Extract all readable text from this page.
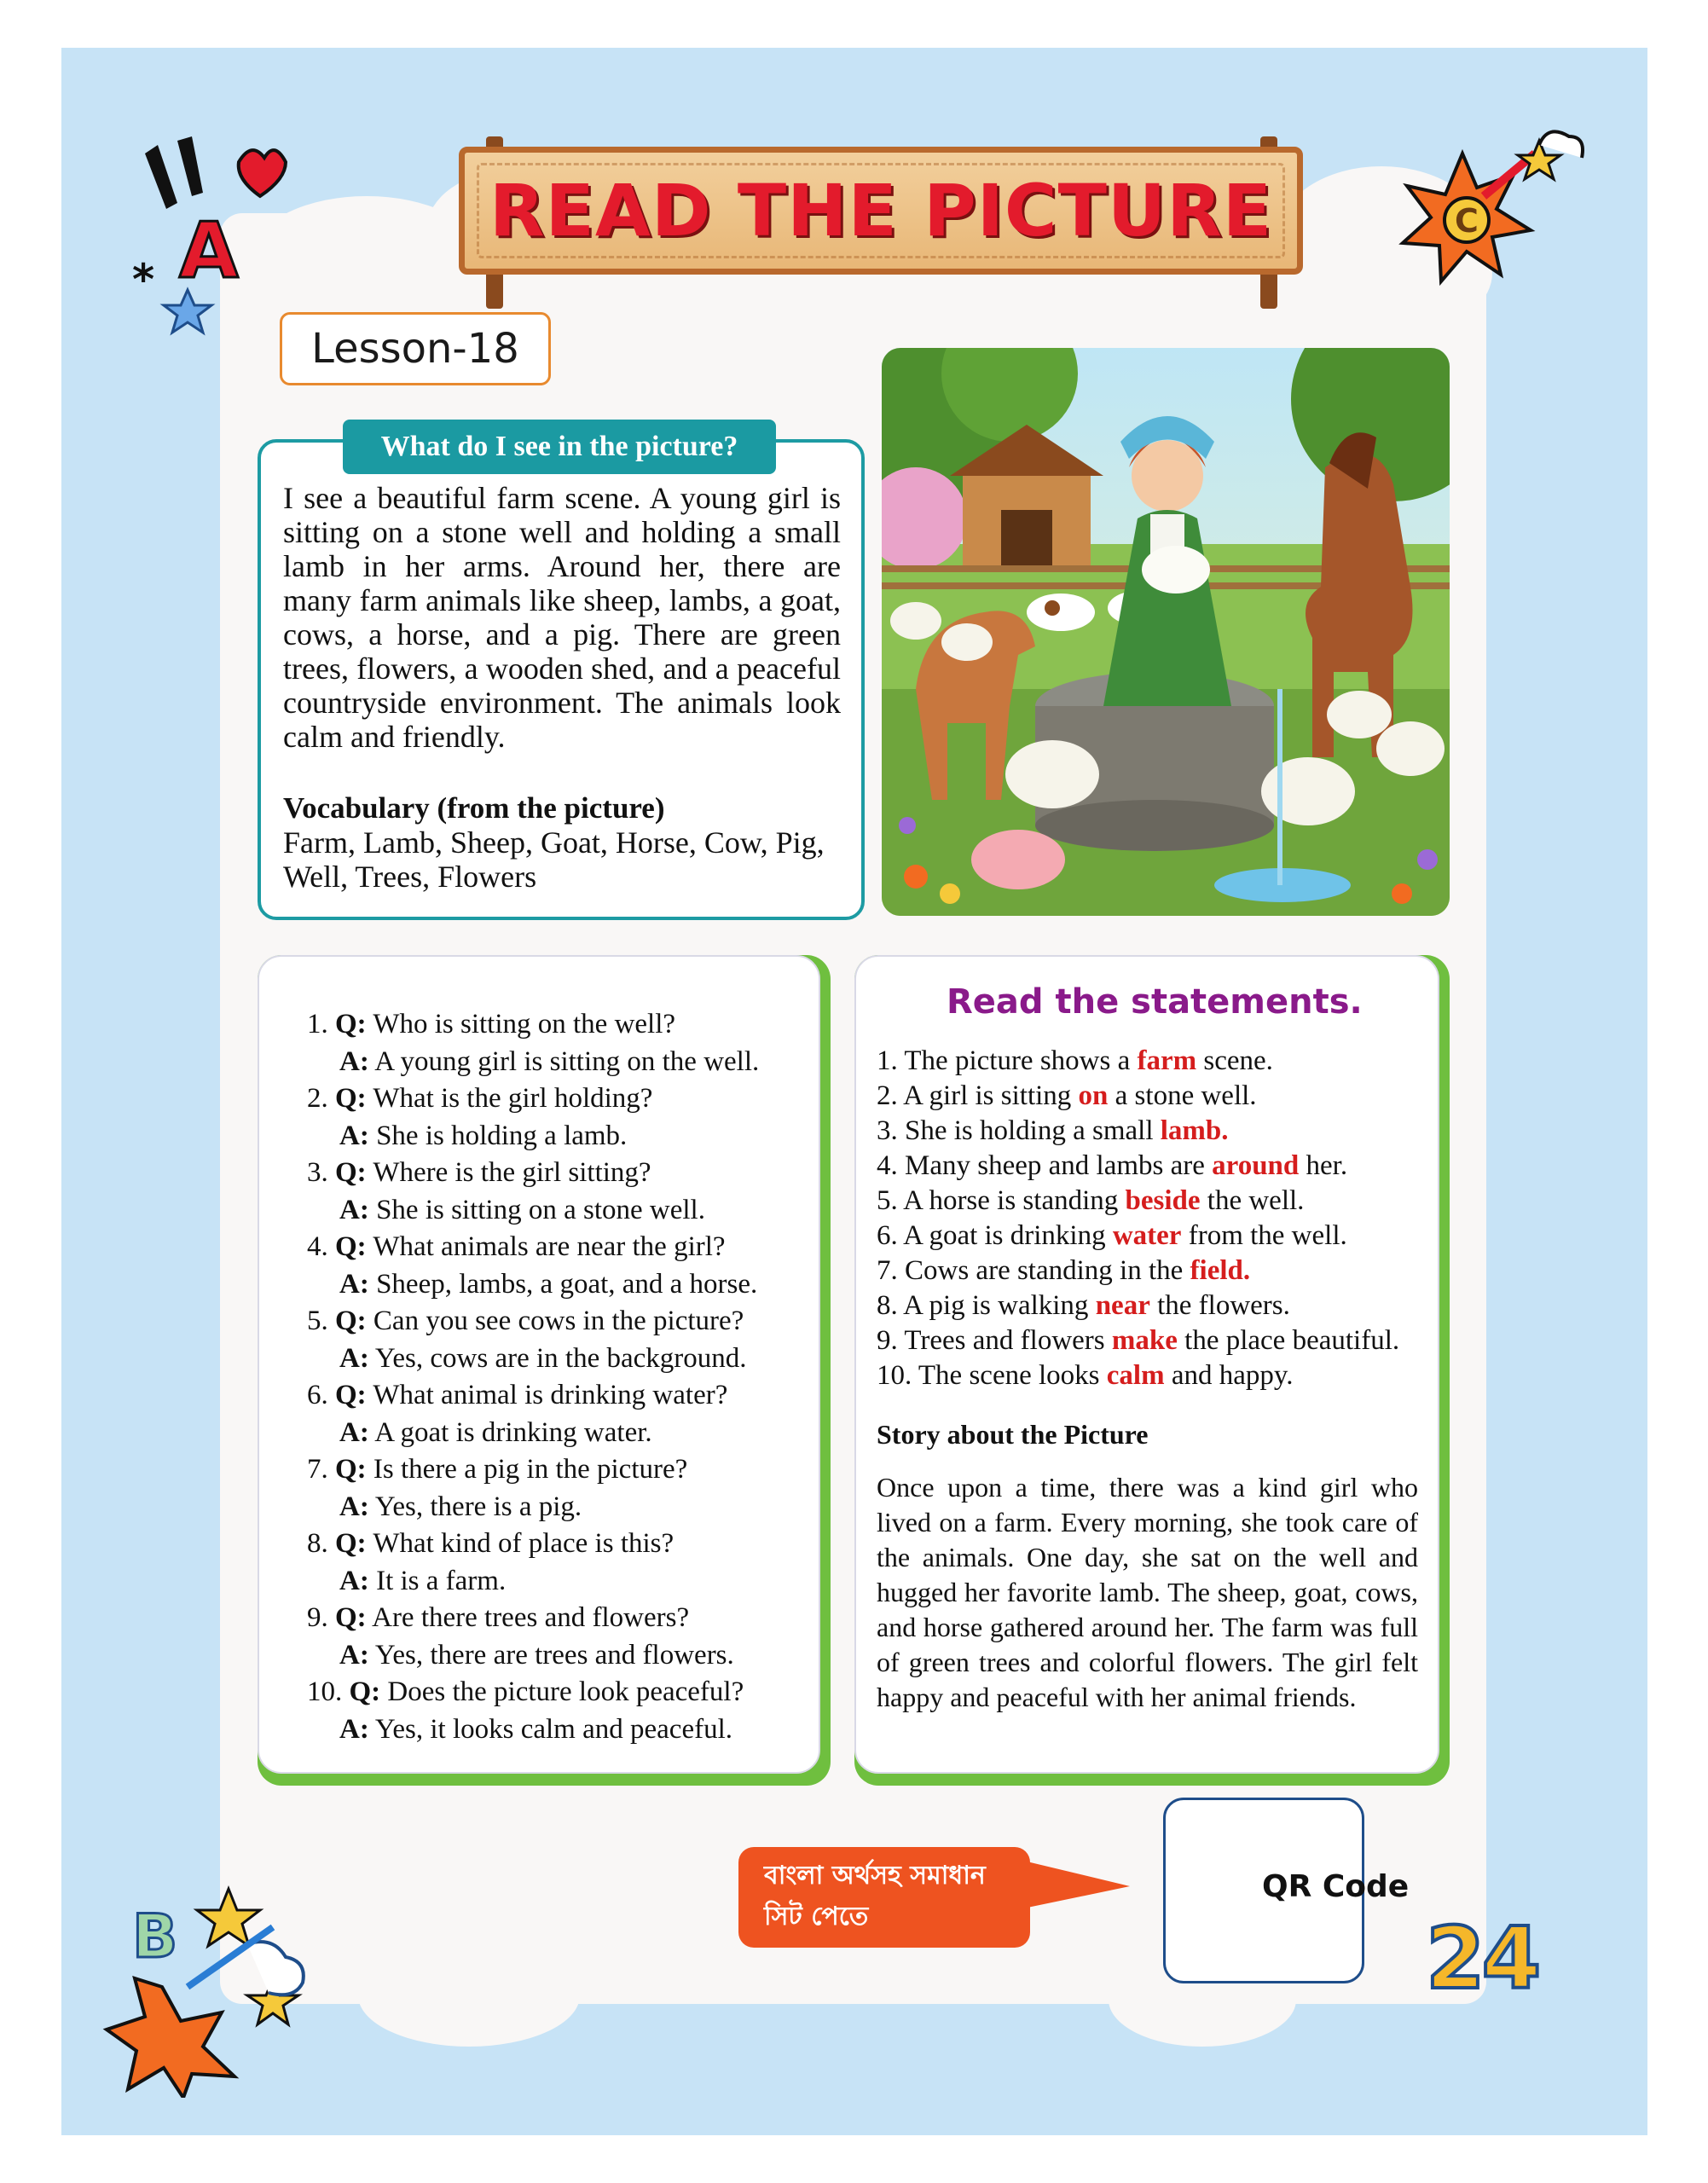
A
*
C
B
READ THE PICTURE
Lesson-18
What do I see in the picture?
I see a beautiful farm scene. A young girl is sitting on a stone well and holding a small lamb in her arms. Around her, there are many farm animals like sheep, lambs, a goat, cows, a horse, and a pig. There are green trees, flowers, a wooden shed, and a peaceful countryside environment. The animals look calm and friendly.
Vocabulary (from the picture)
Farm, Lamb, Sheep, Goat, Horse, Cow, Pig, Well, Trees, Flowers
1. Q: Who is sitting on the well?
A: A young girl is sitting on the well.
2. Q: What is the girl holding?
A: She is holding a lamb.
3. Q: Where is the girl sitting?
A: She is sitting on a stone well.
4. Q: What animals are near the girl?
A: Sheep, lambs, a goat, and a horse.
5. Q: Can you see cows in the picture?
A: Yes, cows are in the background.
6. Q: What animal is drinking water?
A: A goat is drinking water.
7. Q: Is there a pig in the picture?
A: Yes, there is a pig.
8. Q: What kind of place is this?
A: It is a farm.
9. Q: Are there trees and flowers?
A: Yes, there are trees and flowers.
10. Q: Does the picture look peaceful?
A: Yes, it looks calm and peaceful.
Read the statements.
1. The picture shows a farm scene.
2. A girl is sitting on a stone well.
3. She is holding a small lamb.
4. Many sheep and lambs are around her.
5. A horse is standing beside the well.
6. A goat is drinking water from the well.
7. Cows are standing in the field.
8. A pig is walking near the flowers.
9. Trees and flowers make the place beautiful.
10. The scene looks calm and happy.
Story about the Picture
Once upon a time, there was a kind girl who lived on a farm. Every morning, she took care of the animals. One day, she sat on the well and hugged her favorite lamb. The sheep, goat, cows, and horse gathered around her. The farm was full of green trees and colorful flowers. The girl felt happy and peaceful with her animal friends.
বাংলা অর্থসহ সমাধান
সিট পেতে
QR Code
24
